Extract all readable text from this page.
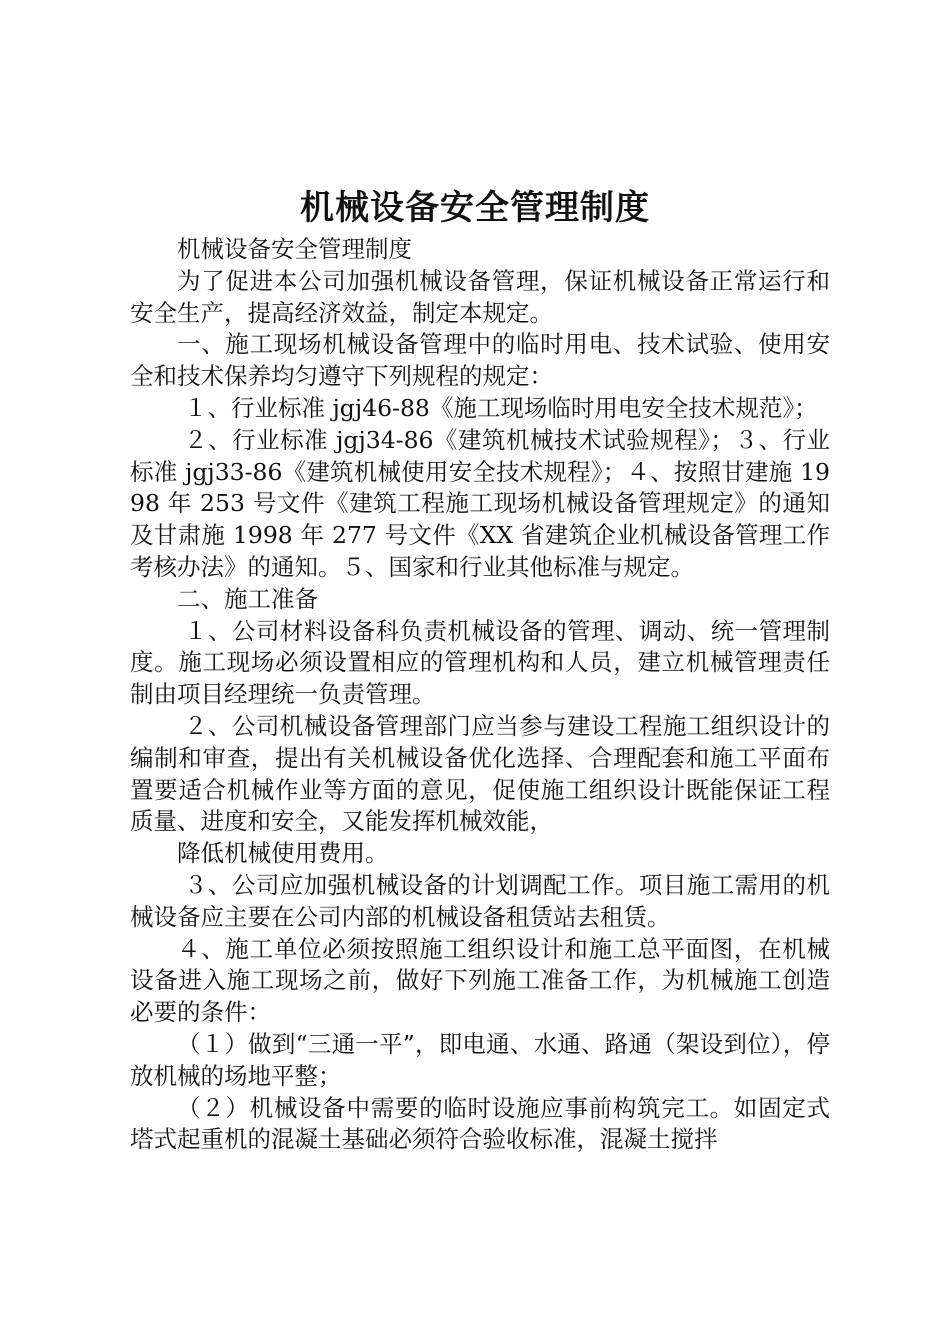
机械设备安全管理制度

机械设备安全管理制度

为了促进本公司加强机械设备管理，保证机械设备正常运行和安全生产，提高经济效益，制定本规定。

一、施工现场机械设备管理中的临时用电、技术试验、使用安全和技术保养均匀遵守下列规程的规定：

１、行业标准 jgj46-88《施工现场临时用电安全技术规范》；

２、行业标准 jgj34-86《建筑机械技术试验规程》；３、行业标准 jgj33-86《建筑机械使用安全技术规程》；４、按照甘建施 1998 年 253 号文件《建筑工程施工现场机械设备管理规定》的通知及甘肃施 1998 年 277 号文件《XX 省建筑企业机械设备管理工作考核办法》的通知。５、国家和行业其他标准与规定。

二、施工准备

１、公司材料设备科负责机械设备的管理、调动、统一管理制度。施工现场必须设置相应的管理机构和人员，建立机械管理责任制由项目经理统一负责管理。

２、公司机械设备管理部门应当参与建设工程施工组织设计的编制和审查，提出有关机械设备优化选择、合理配套和施工平面布置要适合机械作业等方面的意见，促使施工组织设计既能保证工程质量、进度和安全，又能发挥机械效能，

降低机械使用费用。

３、公司应加强机械设备的计划调配工作。项目施工需用的机械设备应主要在公司内部的机械设备租赁站去租赁。

４、施工单位必须按照施工组织设计和施工总平面图，在机械设备进入施工现场之前，做好下列施工准备工作，为机械施工创造必要的条件：

（１）做到“三通一平”，即电通、水通、路通（架设到位），停放机械的场地平整；

（２）机械设备中需要的临时设施应事前构筑完工。如固定式塔式起重机的混凝土基础必须符合验收标准，混凝土搅拌
